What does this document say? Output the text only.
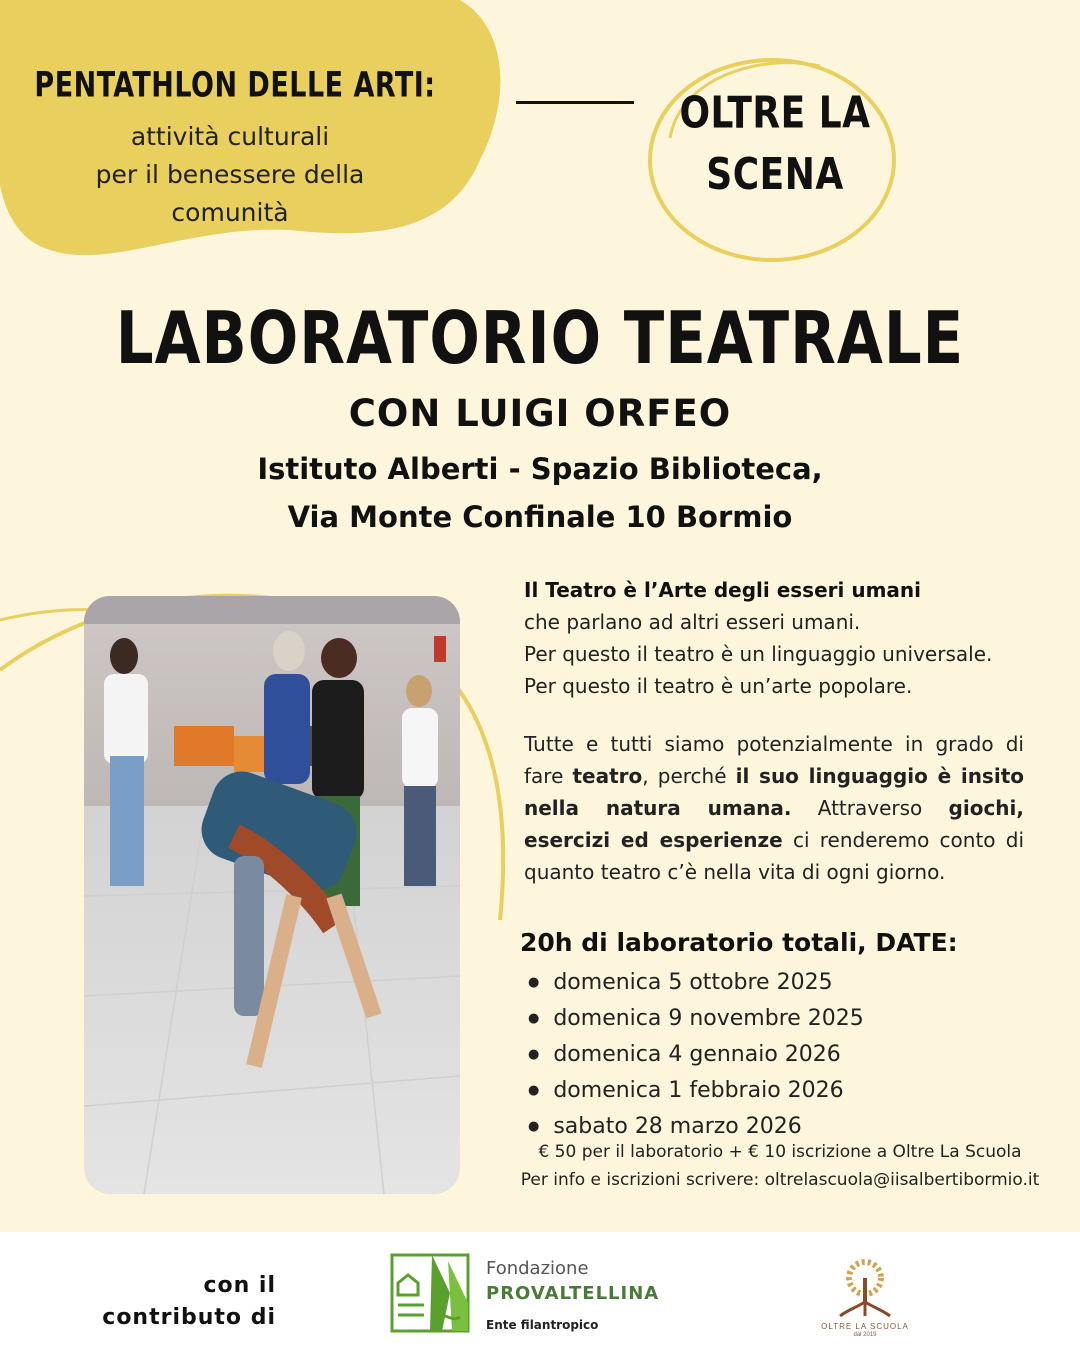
PENTATHLON DELLE ARTI:
attività culturali
per il benessere della
comunità
OLTRE LA
SCENA
LABORATORIO TEATRALE
CON LUIGI ORFEO
Istituto Alberti - Spazio Biblioteca,
Via Monte Confinale 10 Bormio
Il Teatro è l’Arte degli esseri umani
che parlano ad altri esseri umani.
Per questo il teatro è un linguaggio universale.
Per questo il teatro è un’arte popolare.
Tutte e tutti siamo potenzialmente in grado di fare teatro, perché il suo linguaggio è insito nella natura umana. Attraverso giochi, esercizi ed esperienze ci renderemo conto di quanto teatro c’è nella vita di ogni giorno.
20h di laboratorio totali, DATE:
● domenica 5 ottobre 2025
● domenica 9 novembre 2025
● domenica 4 gennaio 2026
● domenica 1 febbraio 2026
● sabato 28 marzo 2026
€ 50 per il laboratorio + € 10 iscrizione a Oltre La Scuola
Per info e iscrizioni scrivere: oltrelascuola@iisalbertibormio.it
con il
contributo di
Fondazione
PROVALTELLINA
Ente filantropico	OLTRE LA SCUOLA
dal 2019
